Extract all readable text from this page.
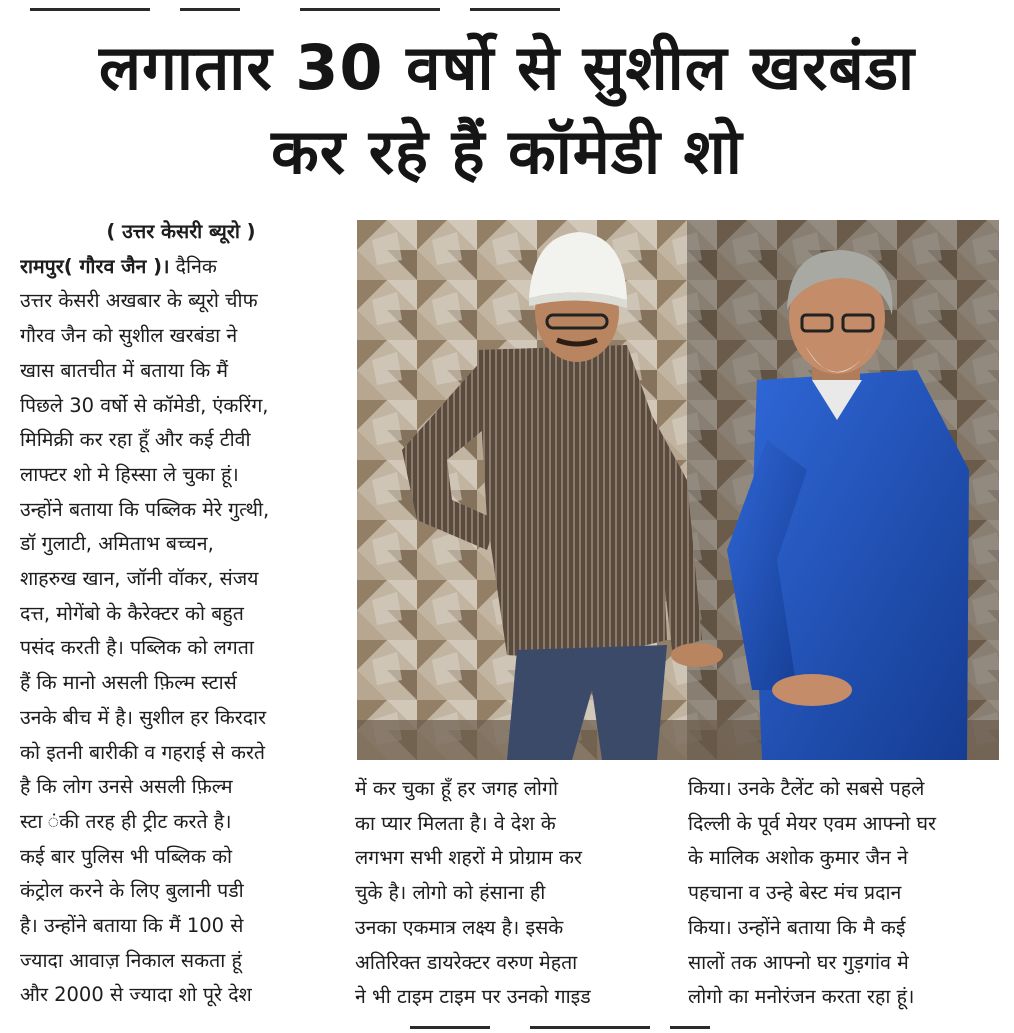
लगातार 30 वर्षो से सुशील खरबंडा
कर रहे हैं कॉमेडी शो
( उत्तर केसरी ब्यूरो )
रामपुर( गौरव जैन )। दैनिक
उत्तर केसरी अखबार के ब्यूरो चीफ
गौरव जैन को सुशील खरबंडा ने
खास बातचीत में बताया कि मैं
पिछले 30 वर्षो से कॉमेडी, एंकरिंग,
मिमिक्री कर रहा हूँ और कई टीवी
लाफ्टर शो मे हिस्सा ले चुका हूं।
उन्होंने बताया कि पब्लिक मेरे गुत्थी,
डॉ गुलाटी, अमिताभ बच्चन,
शाहरुख खान, जॉनी वॉकर, संजय
दत्त, मोगेंबो के कैरेक्टर को बहुत
पसंद करती है। पब्लिक को लगता
हैं कि मानो असली फ़िल्म स्टार्स
उनके बीच में है। सुशील हर किरदार
को इतनी बारीकी व गहराई से करते
है कि लोग उनसे असली फ़िल्म
स्टा ंकी तरह ही ट्रीट करते है।
कई बार पुलिस भी पब्लिक को
कंट्रोल करने के लिए बुलानी पडी
है। उन्होंने बताया कि मैं 100 से
ज्यादा आवाज़ निकाल सकता हूं
और 2000 से ज्यादा शो पूरे देश
में कर चुका हूँ हर जगह लोगो
का प्यार मिलता है। वे देश के
लगभग सभी शहरों मे प्रोग्राम कर
चुके है। लोगो को हंसाना ही
उनका एकमात्र लक्ष्य है। इसके
अतिरिक्त डायरेक्टर वरुण मेहता
ने भी टाइम टाइम पर उनको गाइड
किया। उनके टैलेंट को सबसे पहले
दिल्ली के पूर्व मेयर एवम आफ्नो घर
के मालिक अशोक कुमार जैन ने
पहचाना व उन्हे बेस्ट मंच प्रदान
किया। उन्होंने बताया कि मै कई
सालों तक आफ्नो घर गुड़गांव मे
लोगो का मनोरंजन करता रहा हूं।
